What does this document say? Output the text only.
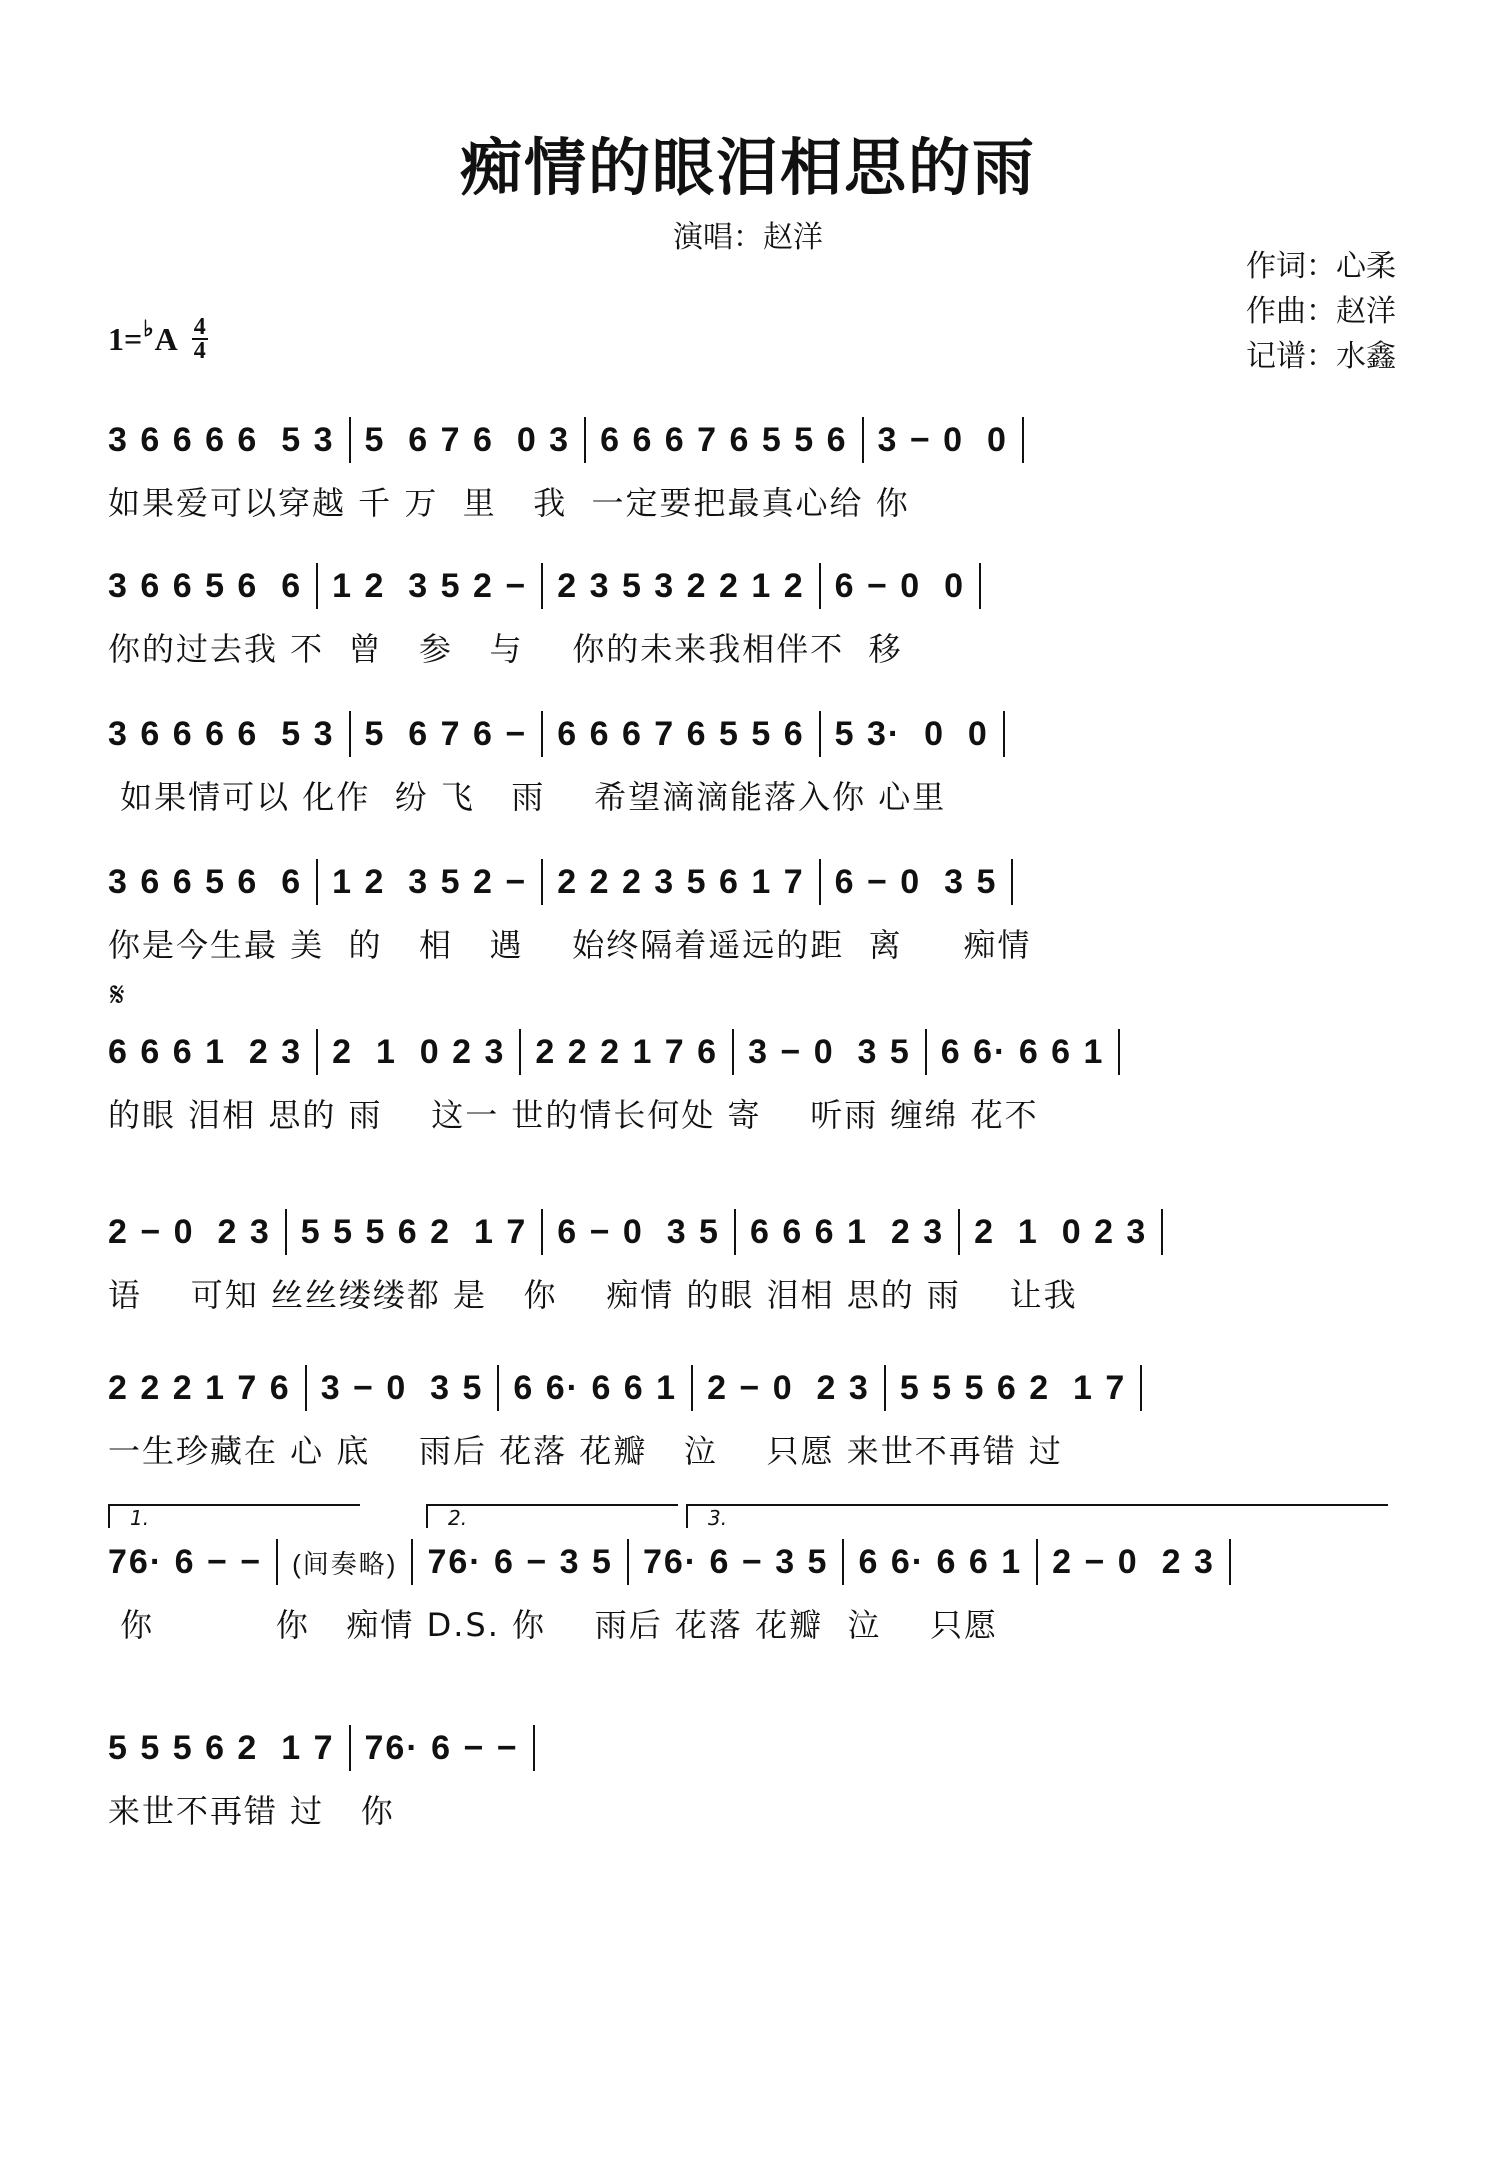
痴情的眼泪相思的雨
演唱：赵洋
作词：心柔
作曲：赵洋
记谱：水鑫
1= ♭ A 4
4
3 6 6 6 6  5 3 5  6 7 6  0 3 6 6 6 7 6 5 5 6 3 − 0  0
如果爱可以穿越 千 万  里   我  一定要把最真心给 你
3 6 6 5 6  6 1 2  3 5 2 − 2 3 5 3 2 2 1 2 6 − 0  0
你的过去我 不  曾   参   与    你的未来我相伴不  移
3 6 6 6 6  5 3 5  6 7 6 − 6 6 6 7 6 5 5 6 5 3·  0  0
如果情可以 化作  纷 飞   雨    希望滴滴能落入你 心里
3 6 6 5 6  6 1 2  3 5 2 − 2 2 2 3 5 6 1 7 6 − 0  3 5
你是今生最 美  的   相   遇    始终隔着遥远的距  离     痴情
6 6 6 1  2 3 2  1  0 2 3 2 2 2 1 7 6 3 − 0  3 5 6 6· 6 6 1
的眼 泪相 思的 雨    这一 世的情长何处 寄    听雨 缠绵 花不
2 − 0  2 3 5 5 5 6 2  1 7 6 − 0  3 5 6 6 6 1  2 3 2  1  0 2 3
语    可知 丝丝缕缕都 是   你    痴情 的眼 泪相 思的 雨    让我
2 2 2 1 7 6 3 − 0  3 5 6 6· 6 6 1 2 − 0  2 3 5 5 5 6 2  1 7
一生珍藏在 心 底    雨后 花落 花瓣   泣    只愿 来世不再错 过
76· 6 − − (间奏略) 76· 6 − 3 5 76· 6 − 3 5 6 6· 6 6 1 2 − 0  2 3
你          你   痴情 D.S. 你    雨后 花落 花瓣  泣    只愿
1.	2.	3.
5 5 5 6 2  1 7 76· 6 − −
来世不再错 过   你
𝄋
